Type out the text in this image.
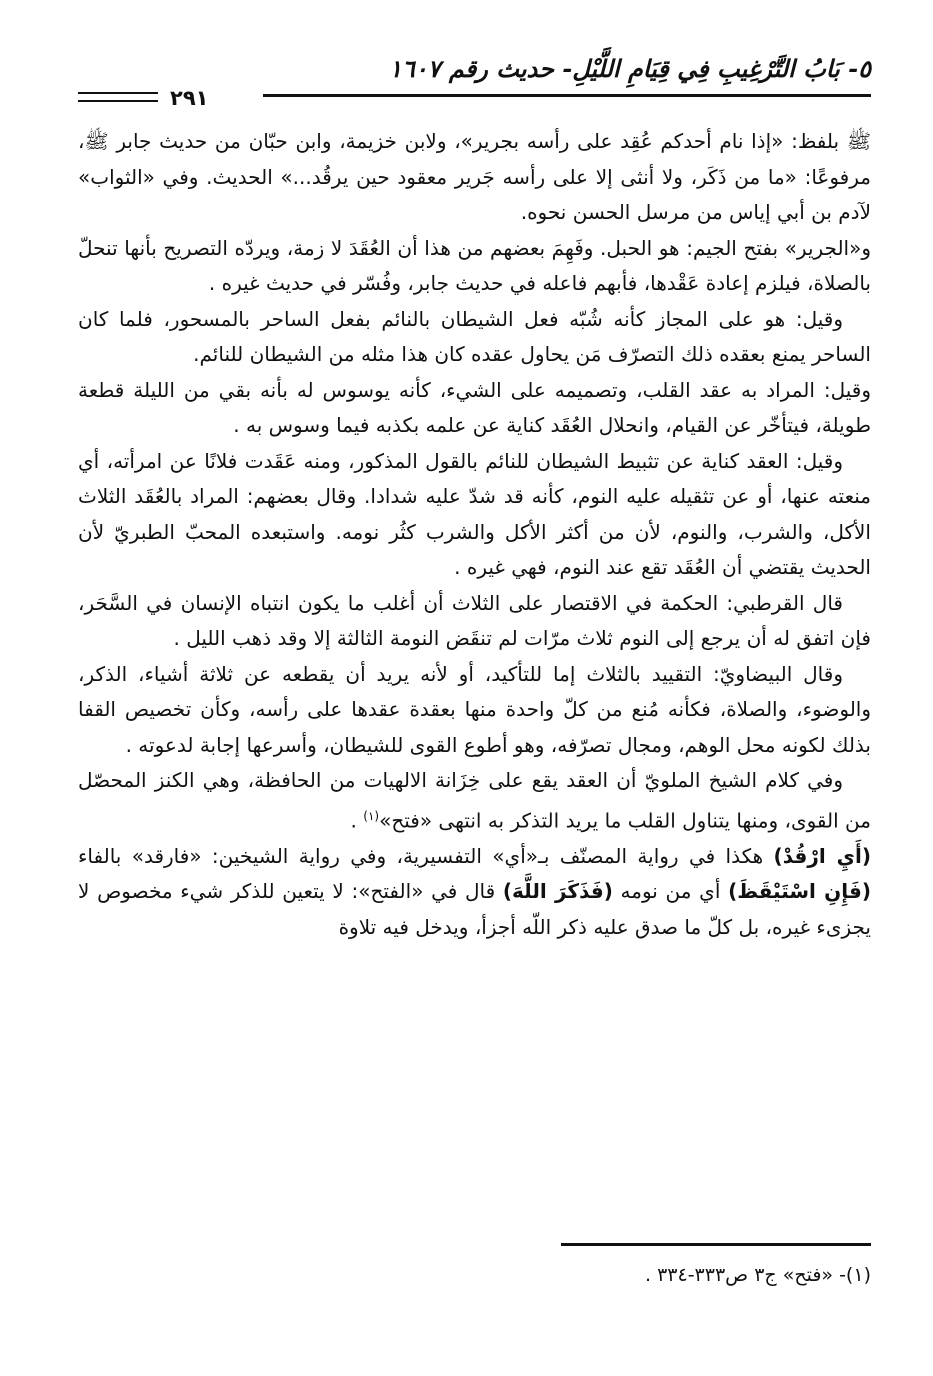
٥- بَابُ التَّرْغِيبِ فِي قِيَامِ اللَّيْلِ- حديث رقم ١٦٠٧
٢٩١

ﷺ بلفظ: «إذا نام أحدكم عُقِد على رأسه بجرير»، ولابن خزيمة، وابن حبّان من حديث جابر ﷺ، مرفوعًا: «ما من ذَكَر، ولا أنثى إلا على رأسه جَرير معقود حين يرقُد...» الحديث. وفي «الثواب» لآدم بن أبي إياس من مرسل الحسن نحوه.

و«الجرير» بفتح الجيم: هو الحبل. وفَهِمَ بعضهم من هذا أن العُقَدَ لا زمة، ويردّه التصريح بأنها تنحلّ بالصلاة، فيلزم إعادة عَقْدها، فأبهم فاعله في حديث جابر، وفُسّر في حديث غيره .

وقيل: هو على المجاز كأنه شُبّه فعل الشيطان بالنائم بفعل الساحر بالمسحور، فلما كان الساحر يمنع بعقده ذلك التصرّف مَن يحاول عقده كان هذا مثله من الشيطان للنائم.

وقيل: المراد به عقد القلب، وتصميمه على الشيء، كأنه يوسوس له بأنه بقي من الليلة قطعة طويلة، فيتأخّر عن القيام، وانحلال العُقَد كناية عن علمه بكذبه فيما وسوس به .

وقيل: العقد كناية عن تثبيط الشيطان للنائم بالقول المذكور، ومنه عَقَدت فلانًا عن امرأته، أي منعته عنها، أو عن تثقيله عليه النوم، كأنه قد شدّ عليه شدادا. وقال بعضهم: المراد بالعُقَد الثلاث الأكل، والشرب، والنوم، لأن من أكثر الأكل والشرب كثُر نومه. واستبعده المحبّ الطبريّ لأن الحديث يقتضي أن العُقَد تقع عند النوم، فهي غيره .

قال القرطبي: الحكمة في الاقتصار على الثلاث أن أغلب ما يكون انتباه الإنسان في السَّحَر، فإن اتفق له أن يرجع إلى النوم ثلاث مرّات لم تنقَض النومة الثالثة إلا وقد ذهب الليل .

وقال البيضاويّ: التقييد بالثلاث إما للتأكيد، أو لأنه يريد أن يقطعه عن ثلاثة أشياء، الذكر، والوضوء، والصلاة، فكأنه مُنع من كلّ واحدة منها بعقدة عقدها على رأسه، وكأن تخصيص القفا بذلك لكونه محل الوهم، ومجال تصرّفه، وهو أطوع القوى للشيطان، وأسرعها إجابة لدعوته .

وفي كلام الشيخ الملويّ أن العقد يقع على خِزَانة الالهيات من الحافظة، وهي الكنز المحصّل من القوى، ومنها يتناول القلب ما يريد التذكر به انتهى «فتح»$^{(١)}$ .

(أَيِ ارْقُدْ) هكذا في رواية المصنّف بـ«أي» التفسيرية، وفي رواية الشيخين: «فارقد» بالفاء (فَإِنِ اسْتَيْقَظَ) أي من نومه (فَذَكَرَ اللَّهَ) قال في «الفتح»: لا يتعين للذكر شيء مخصوص لا يجزىء غيره، بل كلّ ما صدق عليه ذكر اللّه أجزأ، ويدخل فيه تلاوة

(١)- «فتح» ج٣ ص٣٣٣-٣٣٤ .
